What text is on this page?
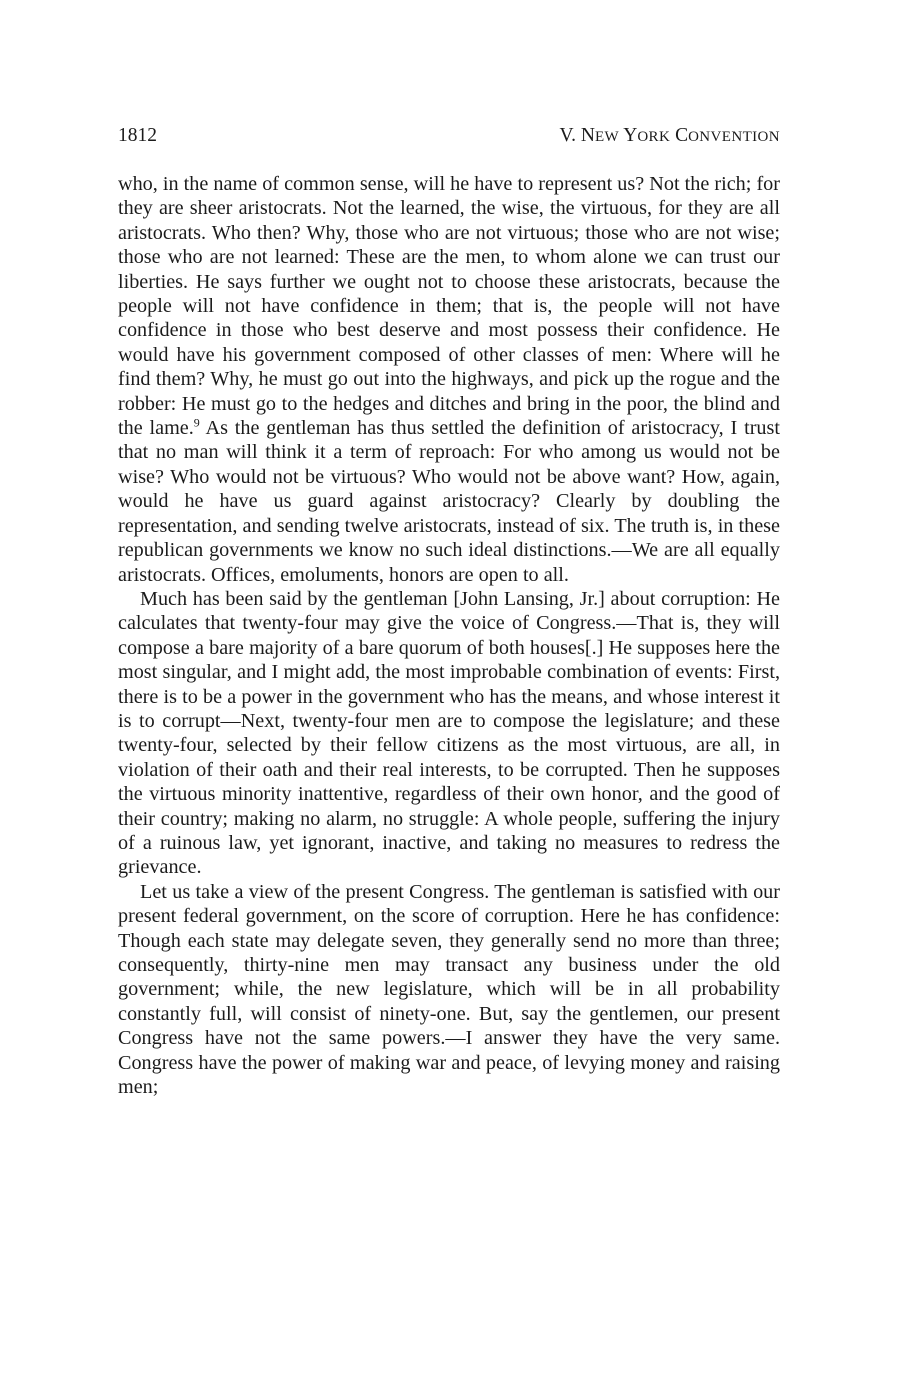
1812	V. NEW YORK CONVENTION

who, in the name of common sense, will he have to represent us? Not the rich; for they are sheer aristocrats. Not the learned, the wise, the virtuous, for they are all aristocrats. Who then? Why, those who are not virtuous; those who are not wise; those who are not learned: These are the men, to whom alone we can trust our liberties. He says further we ought not to choose these aristocrats, because the people will not have confidence in them; that is, the people will not have confidence in those who best deserve and most possess their confidence. He would have his government composed of other classes of men: Where will he find them? Why, he must go out into the highways, and pick up the rogue and the robber: He must go to the hedges and ditches and bring in the poor, the blind and the lame.$^9$ As the gentleman has thus settled the definition of aristocracy, I trust that no man will think it a term of reproach: For who among us would not be wise? Who would not be virtuous? Who would not be above want? How, again, would he have us guard against aristocracy? Clearly by doubling the representation, and sending twelve aristocrats, instead of six. The truth is, in these republican governments we know no such ideal distinctions.—We are all equally aristocrats. Offices, emoluments, honors are open to all.

Much has been said by the gentleman [John Lansing, Jr.] about corruption: He calculates that twenty-four may give the voice of Congress.—That is, they will compose a bare majority of a bare quorum of both houses[.] He supposes here the most singular, and I might add, the most improbable combination of events: First, there is to be a power in the government who has the means, and whose interest it is to corrupt—Next, twenty-four men are to compose the legislature; and these twenty-four, selected by their fellow citizens as the most virtuous, are all, in violation of their oath and their real interests, to be corrupted. Then he supposes the virtuous minority inattentive, regardless of their own honor, and the good of their country; making no alarm, no struggle: A whole people, suffering the injury of a ruinous law, yet ignorant, inactive, and taking no measures to redress the grievance.

Let us take a view of the present Congress. The gentleman is satisfied with our present federal government, on the score of corruption. Here he has confidence: Though each state may delegate seven, they generally send no more than three; consequently, thirty-nine men may transact any business under the old government; while, the new legislature, which will be in all probability constantly full, will consist of ninety-one. But, say the gentlemen, our present Congress have not the same powers.—I answer they have the very same. Congress have the power of making war and peace, of levying money and raising men;
